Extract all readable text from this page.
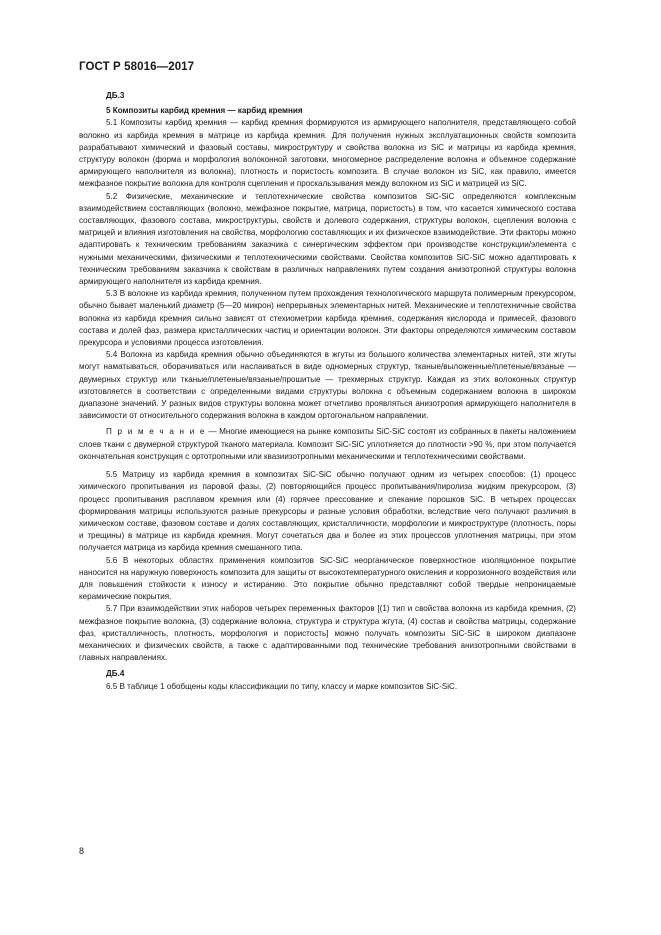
ГОСТ Р 58016—2017
ДБ.3
5 Композиты карбид кремния — карбид кремния

5.1 Композиты карбид кремния — карбид кремния формируются из армирующего наполнителя, представляющего собой волокно из карбида кремния в матрице из карбида кремния. Для получения нужных эксплуатационных свойств композита разрабатывают химический и фазовый составы, микроструктуру и свойства волокна из SiC и матрицы из карбида кремния, структуру волокон (форма и морфология волоконной заготовки, многомерное распределение волокна и объемное содержание армирующего наполнителя из волокна), плотность и пористость композита. В случае волокон из SiC, как правило, имеется межфазное покрытие волокна для контроля сцепления и проскальзывания между волокном из SiC и матрицей из SiC.

5.2 Физические, механические и теплотехнические свойства композитов SiC-SiC определяются комплексным взаимодействием составляющих (волокно, межфазное покрытие, матрица, пористость) в том, что касается химического состава составляющих, фазового состава, микроструктуры, свойств и долевого содержания, структуры волокон, сцепления волокна с матрицей и влияния изготовления на свойства, морфологию составляющих и их физическое взаимодействие. Эти факторы можно адаптировать к техническим требованиям заказчика с синергическим эффектом при производстве конструкции/элемента с нужными механическими, физическими и теплотехническими свойствами. Свойства композитов SiC-SiC можно адаптировать к техническим требованиям заказчика к свойствам в различных направлениях путем создания анизотропной структуры волокна армирующего наполнителя из карбида кремния.

5.3 В волокне из карбида кремния, полученном путем прохождения технологического маршрута полимерным прекурсором, обычно бывает маленький диаметр (5—20 микрон) непрерывных элементарных нитей. Механические и теплотехничные свойства волокна из карбида кремния сильно зависят от стехиометрии карбида кремния, содержания кислорода и примесей, фазового состава и долей фаз, размера кристаллических частиц и ориентации волокон. Эти факторы определяются химическим составом прекурсора и условиями процесса изготовления.

5.4 Волокна из карбида кремния обычно объединяются в жгуты из большого количества элементарных нитей, эти жгуты могут наматываться, оборачиваться или наслаиваться в виде одномерных структур, тканые/выложенные/плетеные/вязаные — двумерных структур или тканые/плетеные/вязаные/прошитые — трехмерных структур. Каждая из этих волоконных структур изготовляется в соответствии с определенными видами структуры волокна с объемным содержанием волокна в широком диапазоне значений. У разных видов структуры волокна может отчетливо проявляться анизотропия армирующего наполнителя в зависимости от относительного содержания волокна в каждом ортогональном направлении.

П р и м е ч а н и е — Многие имеющиеся на рынке композиты SiC-SiC состоят из собранных в пакеты наложением слоев ткани с двумерной структурой тканого материала. Композит SiC-SiC уплотняется до плотности >90 %, при этом получается окончательная конструкция с ортотропными или квазиизотропными механическими и теплотехническими свойствами.

5.5 Матрицу из карбида кремния в композитах SiC-SiC обычно получают одним из четырех способов: (1) процесс химического пропитывания из паровой фазы, (2) повторяющийся процесс пропитывания/пиролиза жидким прекурсором, (3) процесс пропитывания расплавом кремния или (4) горячее прессование и спекание порошков SiC. В четырех процессах формирования матрицы используются разные прекурсоры и разные условия обработки, вследствие чего получают различия в химическом составе, фазовом составе и долях составляющих, кристалличности, морфологии и микроструктуре (плотность, поры и трещины) в матрице из карбида кремния. Могут сочетаться два и более из этих процессов уплотнения матрицы, при этом получается матрица из карбида кремния смешанного типа.

5.6 В некоторых областях применения композитов SiC-SiC неорганическое поверхностное изоляционное покрытие наносится на наружную поверхность композита для защиты от высокотемпературного окисления и коррозионного воздействия или для повышения стойкости к износу и истиранию. Это покрытие обычно представляют собой твердые непроницаемые керамические покрытия.

5.7 При взаимодействии этих наборов четырех переменных факторов [(1) тип и свойства волокна из карбида кремния, (2) межфазное покрытие волокна, (3) содержание волокна, структура и структура жгута, (4) состав и свойства матрицы, содержание фаз, кристалличность, плотность, морфология и пористость] можно получать композиты SiC-SiC в широком диапазоне механических и физических свойств, а также с адаптированными под технические требования анизотропными свойствами в главных направлениях.

ДБ.4

6.5 В таблице 1 обобщены коды классификации по типу, классу и марке композитов SiC-SiC.

8
